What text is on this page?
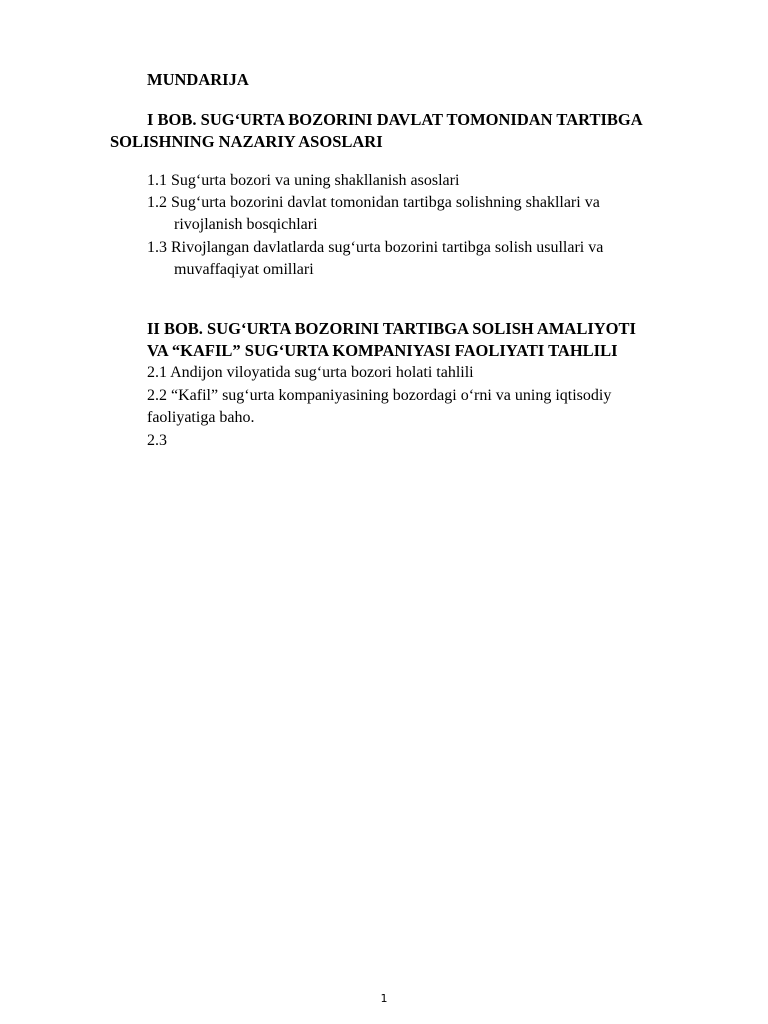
MUNDARIJA

I BOB. SUG‘URTA BOZORINI DAVLAT TOMONIDAN TARTIBGA

SOLISHNING NAZARIY ASOSLARI

1.1 Sug‘urta bozori va uning shakllanish asoslari

1.2 Sug‘urta bozorini davlat tomonidan tartibga solishning shakllari va

rivojlanish bosqichlari

1.3 Rivojlangan davlatlarda sug‘urta bozorini tartibga solish usullari va

muvaffaqiyat omillari

II BOB. SUG‘URTA BOZORINI TARTIBGA SOLISH AMALIYOTI

VA “KAFIL” SUG‘URTA KOMPANIYASI FAOLIYATI TAHLILI

2.1 Andijon viloyatida sug‘urta bozori holati tahlili

2.2 “Kafil” sug‘urta kompaniyasining bozordagi o‘rni va uning iqtisodiy

faoliyatiga baho.

2.3

1
